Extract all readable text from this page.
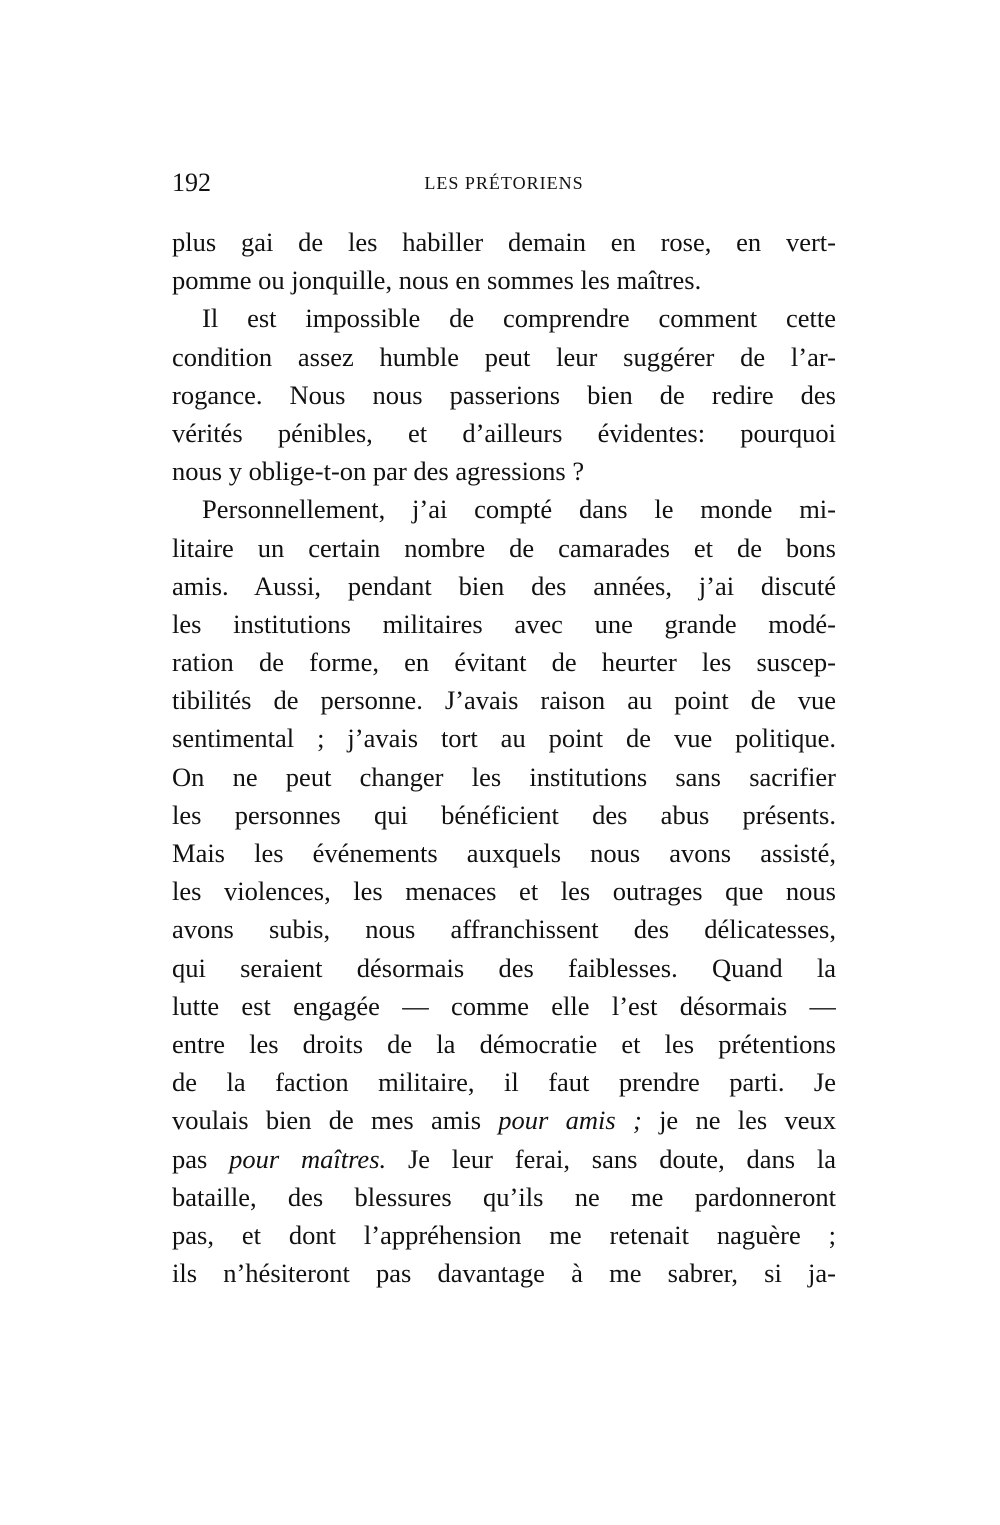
192	LES PRÉTORIENS
plus gai de les habiller demain en rose, en vert-
pomme ou jonquille, nous en sommes les maîtres.
Il est impossible de comprendre comment cette
condition assez humble peut leur suggérer de l’ar-
rogance. Nous nous passerions bien de redire des
vérités pénibles, et d’ailleurs évidentes: pourquoi
nous y oblige-t-on par des agressions ?
Personnellement, j’ai compté dans le monde mi-
litaire un certain nombre de camarades et de bons
amis. Aussi, pendant bien des années, j’ai discuté
les institutions militaires avec une grande modé-
ration de forme, en évitant de heurter les suscep-
tibilités de personne. J’avais raison au point de vue
sentimental ; j’avais tort au point de vue politique.
On ne peut changer les institutions sans sacrifier
les personnes qui bénéficient des abus présents.
Mais les événements auxquels nous avons assisté,
les violences, les menaces et les outrages que nous
avons subis, nous affranchissent des délicatesses,
qui seraient désormais des faiblesses. Quand la
lutte est engagée — comme elle l’est désormais —
entre les droits de la démocratie et les prétentions
de la faction militaire, il faut prendre parti. Je
voulais bien de mes amis pour amis ; je ne les veux
pas pour maîtres. Je leur ferai, sans doute, dans la
bataille, des blessures qu’ils ne me pardonneront
pas, et dont l’appréhension me retenait naguère ;
ils n’hésiteront pas davantage à me sabrer, si ja-
